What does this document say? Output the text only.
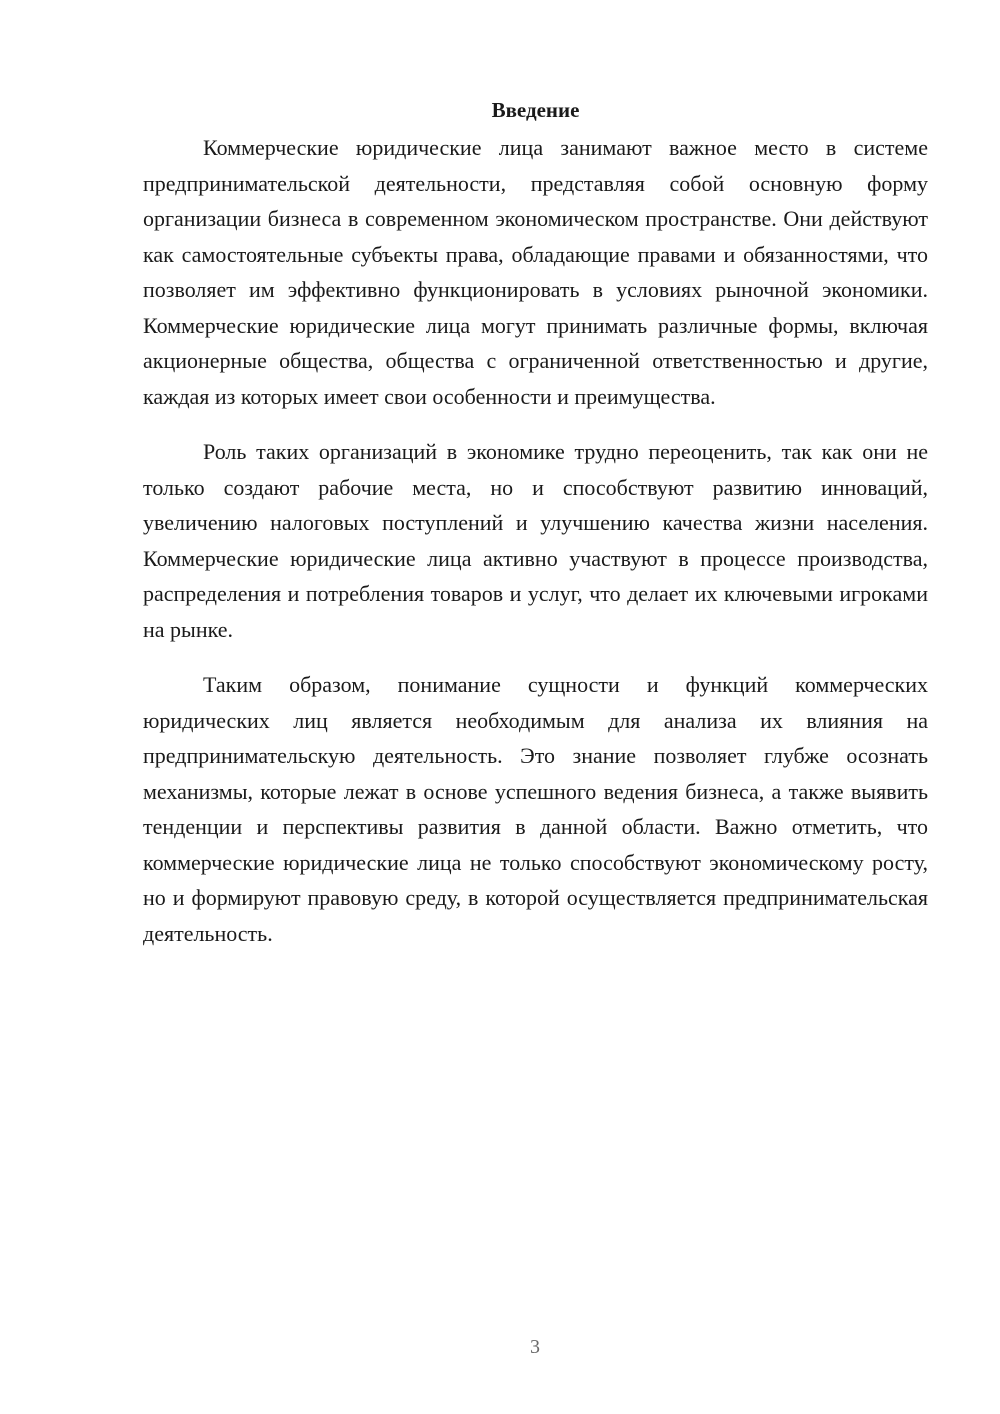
Введение

Коммерческие юридические лица занимают важное место в системе предпринимательской деятельности, представляя собой основную форму организации бизнеса в современном экономическом пространстве. Они действуют как самостоятельные субъекты права, обладающие правами и обязанностями, что позволяет им эффективно функционировать в условиях рыночной экономики. Коммерческие юридические лица могут принимать различные формы, включая акционерные общества, общества с ограниченной ответственностью и другие, каждая из которых имеет свои особенности и преимущества.

Роль таких организаций в экономике трудно переоценить, так как они не только создают рабочие места, но и способствуют развитию инноваций, увеличению налоговых поступлений и улучшению качества жизни населения. Коммерческие юридические лица активно участвуют в процессе производства, распределения и потребления товаров и услуг, что делает их ключевыми игроками на рынке.

Таким образом, понимание сущности и функций коммерческих юридических лиц является необходимым для анализа их влияния на предпринимательскую деятельность. Это знание позволяет глубже осознать механизмы, которые лежат в основе успешного ведения бизнеса, а также выявить тенденции и перспективы развития в данной области. Важно отметить, что коммерческие юридические лица не только способствуют экономическому росту, но и формируют правовую среду, в которой осуществляется предпринимательская деятельность.

3
